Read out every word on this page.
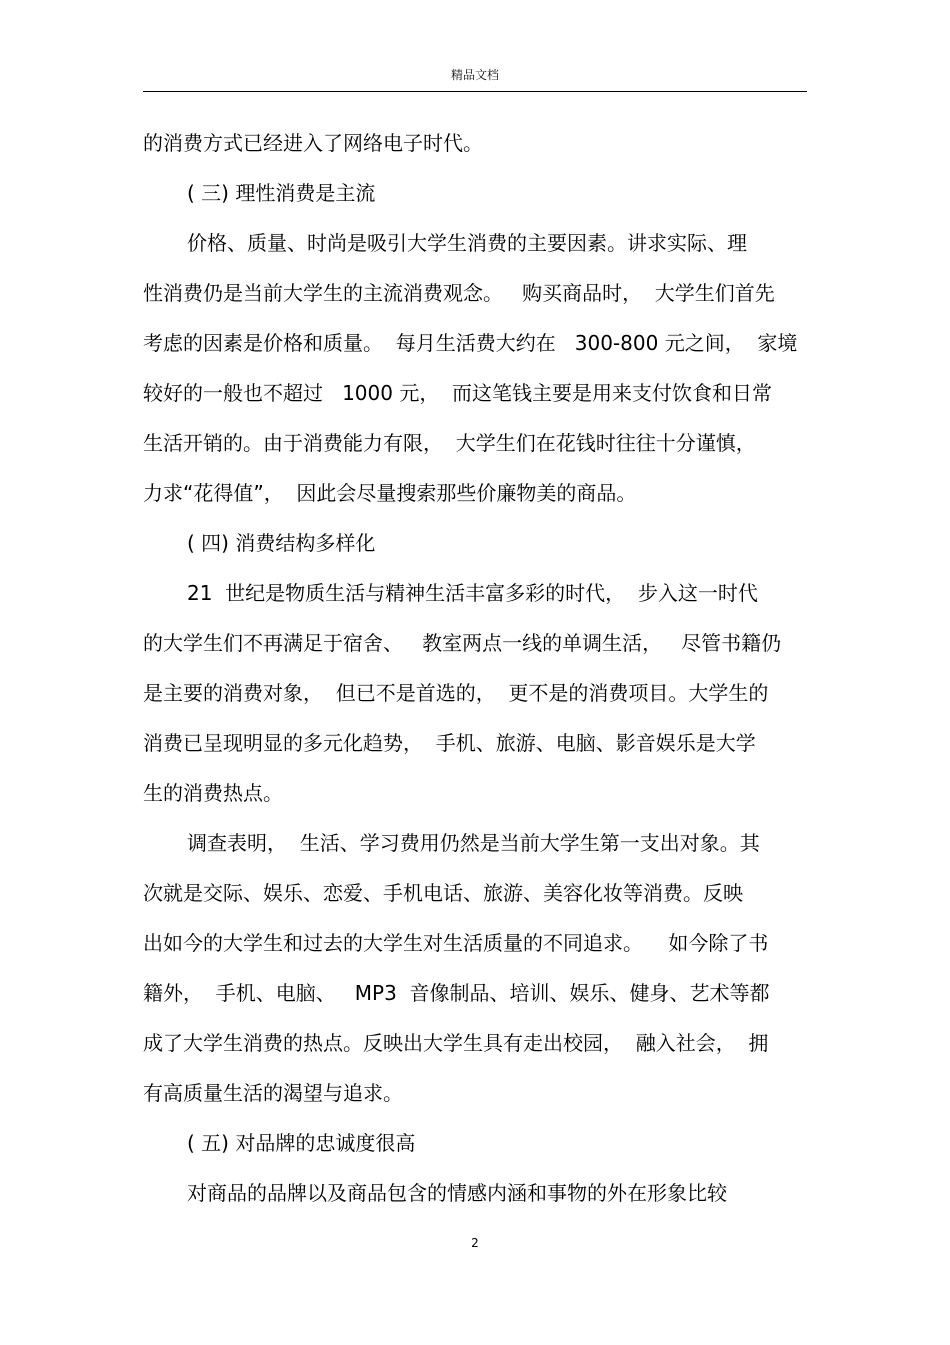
精品文档
的消费方式已经进入了网络电子时代。
( 三) 理性消费是主流
价格、质量、时尚是吸引大学生消费的主要因素。讲求实际、理
性消费仍是当前大学生的主流消费观念。   购买商品时，  大学生们首先
考虑的因素是价格和质量。  每月生活费大约在   300-800 元之间，  家境
较好的一般也不超过   1000 元，  而这笔钱主要是用来支付饮食和日常
生活开销的。由于消费能力有限，  大学生们在花钱时往往十分谨慎，
力求“花得值”，  因此会尽量搜索那些价廉物美的商品。
( 四) 消费结构多样化
21  世纪是物质生活与精神生活丰富多彩的时代，  步入这一时代
的大学生们不再满足于宿舍、   教室两点一线的单调生活，   尽管书籍仍
是主要的消费对象，  但已不是首选的，  更不是的消费项目。大学生的
消费已呈现明显的多元化趋势，  手机、旅游、电脑、影音娱乐是大学
生的消费热点。
调查表明，  生活、学习费用仍然是当前大学生第一支出对象。其
次就是交际、娱乐、恋爱、手机电话、旅游、美容化妆等消费。反映
出如今的大学生和过去的大学生对生活质量的不同追求。    如今除了书
籍外，  手机、电脑、   MP3  音像制品、培训、娱乐、健身、艺术等都
成了大学生消费的热点。反映出大学生具有走出校园，  融入社会，  拥
有高质量生活的渴望与追求。
( 五) 对品牌的忠诚度很高
对商品的品牌以及商品包含的情感内涵和事物的外在形象比较
2
